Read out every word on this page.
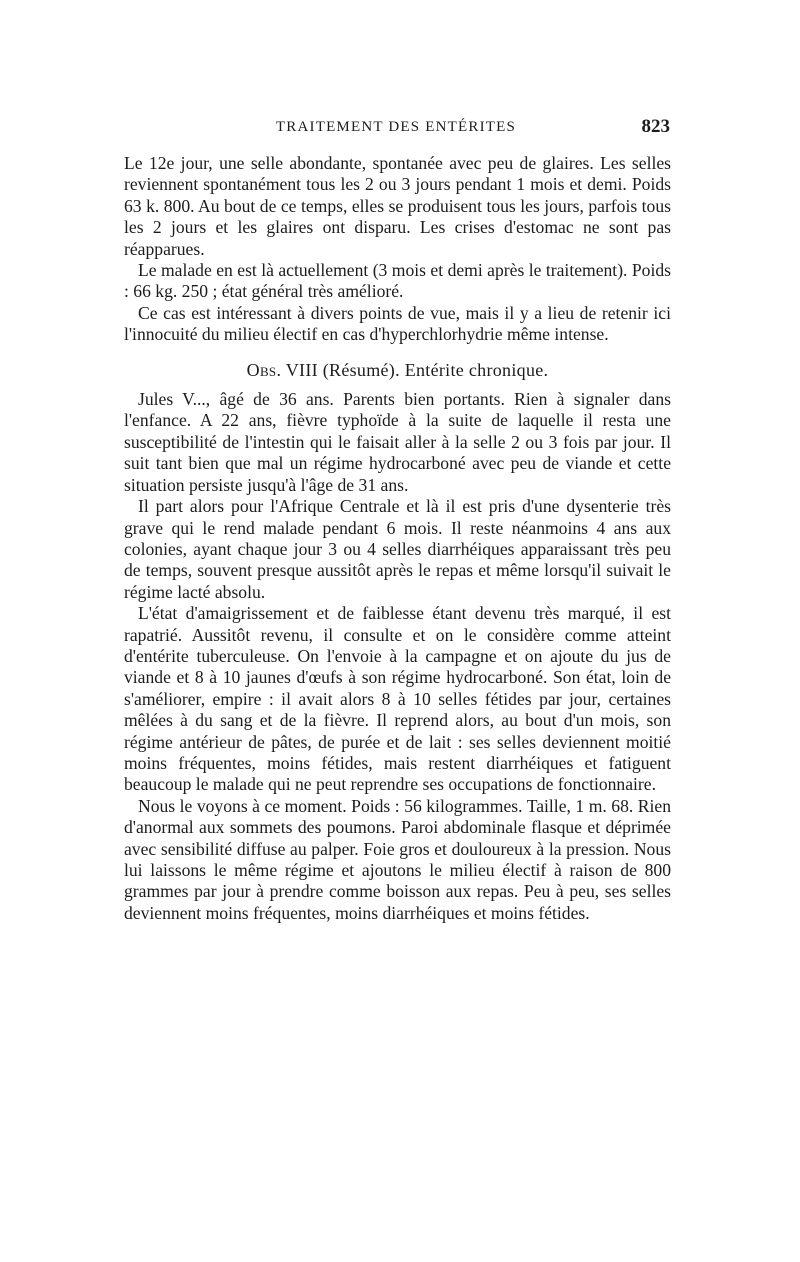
TRAITEMENT DES ENTÉRITES	823

Le 12e jour, une selle abondante, spontanée avec peu de glaires. Les selles reviennent spontanément tous les 2 ou 3 jours pendant 1 mois et demi. Poids 63 k. 800. Au bout de ce temps, elles se produisent tous les jours, parfois tous les 2 jours et les glaires ont disparu. Les crises d'estomac ne sont pas réapparues.

Le malade en est là actuellement (3 mois et demi après le traitement). Poids : 66 kg. 250 ; état général très amélioré.

Ce cas est intéressant à divers points de vue, mais il y a lieu de retenir ici l'innocuité du milieu électif en cas d'hyperchlorhydrie même intense.

Obs. VIII (Résumé). Entérite chronique.

Jules V..., âgé de 36 ans. Parents bien portants. Rien à signaler dans l'enfance. A 22 ans, fièvre typhoïde à la suite de laquelle il resta une susceptibilité de l'intestin qui le faisait aller à la selle 2 ou 3 fois par jour. Il suit tant bien que mal un régime hydrocarboné avec peu de viande et cette situation persiste jusqu'à l'âge de 31 ans.

Il part alors pour l'Afrique Centrale et là il est pris d'une dysenterie très grave qui le rend malade pendant 6 mois. Il reste néanmoins 4 ans aux colonies, ayant chaque jour 3 ou 4 selles diarrhéiques apparaissant très peu de temps, souvent presque aussitôt après le repas et même lorsqu'il suivait le régime lacté absolu.

L'état d'amaigrissement et de faiblesse étant devenu très marqué, il est rapatrié. Aussitôt revenu, il consulte et on le considère comme atteint d'entérite tuberculeuse. On l'envoie à la campagne et on ajoute du jus de viande et 8 à 10 jaunes d'œufs à son régime hydrocarboné. Son état, loin de s'améliorer, empire : il avait alors 8 à 10 selles fétides par jour, certaines mêlées à du sang et de la fièvre. Il reprend alors, au bout d'un mois, son régime antérieur de pâtes, de purée et de lait : ses selles deviennent moitié moins fréquentes, moins fétides, mais restent diarrhéiques et fatiguent beaucoup le malade qui ne peut reprendre ses occupations de fonctionnaire.

Nous le voyons à ce moment. Poids : 56 kilogrammes. Taille, 1 m. 68. Rien d'anormal aux sommets des poumons. Paroi abdominale flasque et déprimée avec sensibilité diffuse au palper. Foie gros et douloureux à la pression. Nous lui laissons le même régime et ajoutons le milieu électif à raison de 800 grammes par jour à prendre comme boisson aux repas. Peu à peu, ses selles deviennent moins fréquentes, moins diarrhéiques et moins fétides.
